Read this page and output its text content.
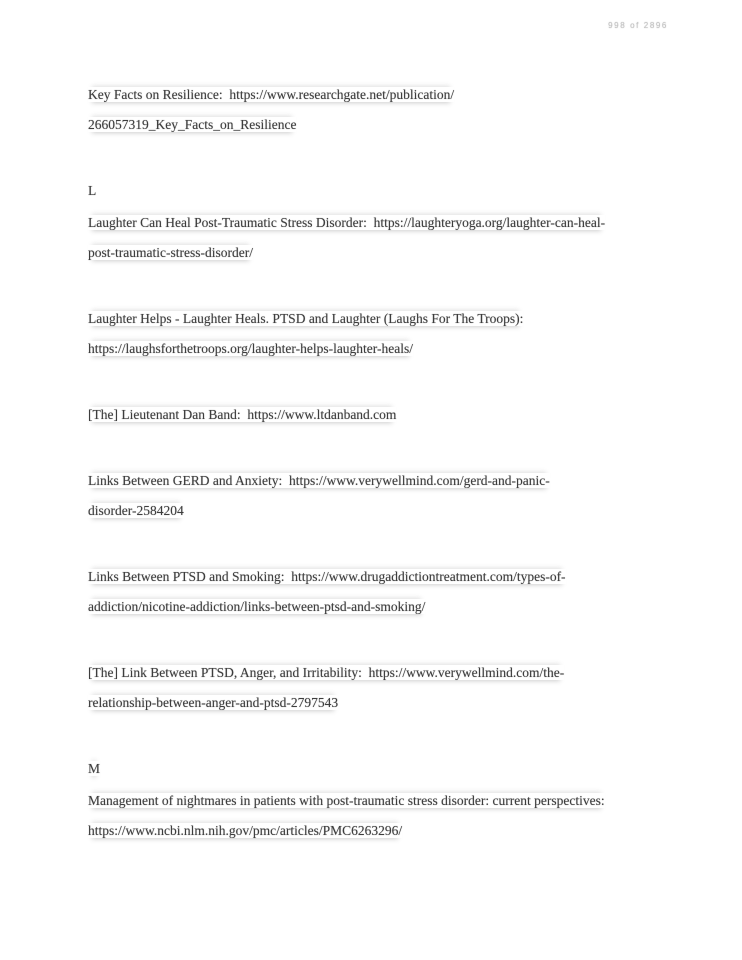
998 of 2896
Key Facts on Resilience:  https://www.researchgate.net/publication/
266057319_Key_Facts_on_Resilience
L
Laughter Can Heal Post-Traumatic Stress Disorder:  https://laughteryoga.org/laughter-can-heal-
post-traumatic-stress-disorder/
Laughter Helps - Laughter Heals. PTSD and Laughter (Laughs For The Troops):
https://laughsforthetroops.org/laughter-helps-laughter-heals/
[The] Lieutenant Dan Band:  https://www.ltdanband.com
Links Between GERD and Anxiety:  https://www.verywellmind.com/gerd-and-panic-
disorder-2584204
Links Between PTSD and Smoking:  https://www.drugaddictiontreatment.com/types-of-
addiction/nicotine-addiction/links-between-ptsd-and-smoking/
[The] Link Between PTSD, Anger, and Irritability:  https://www.verywellmind.com/the-
relationship-between-anger-and-ptsd-2797543
M
Management of nightmares in patients with post-traumatic stress disorder: current perspectives:
https://www.ncbi.nlm.nih.gov/pmc/articles/PMC6263296/
